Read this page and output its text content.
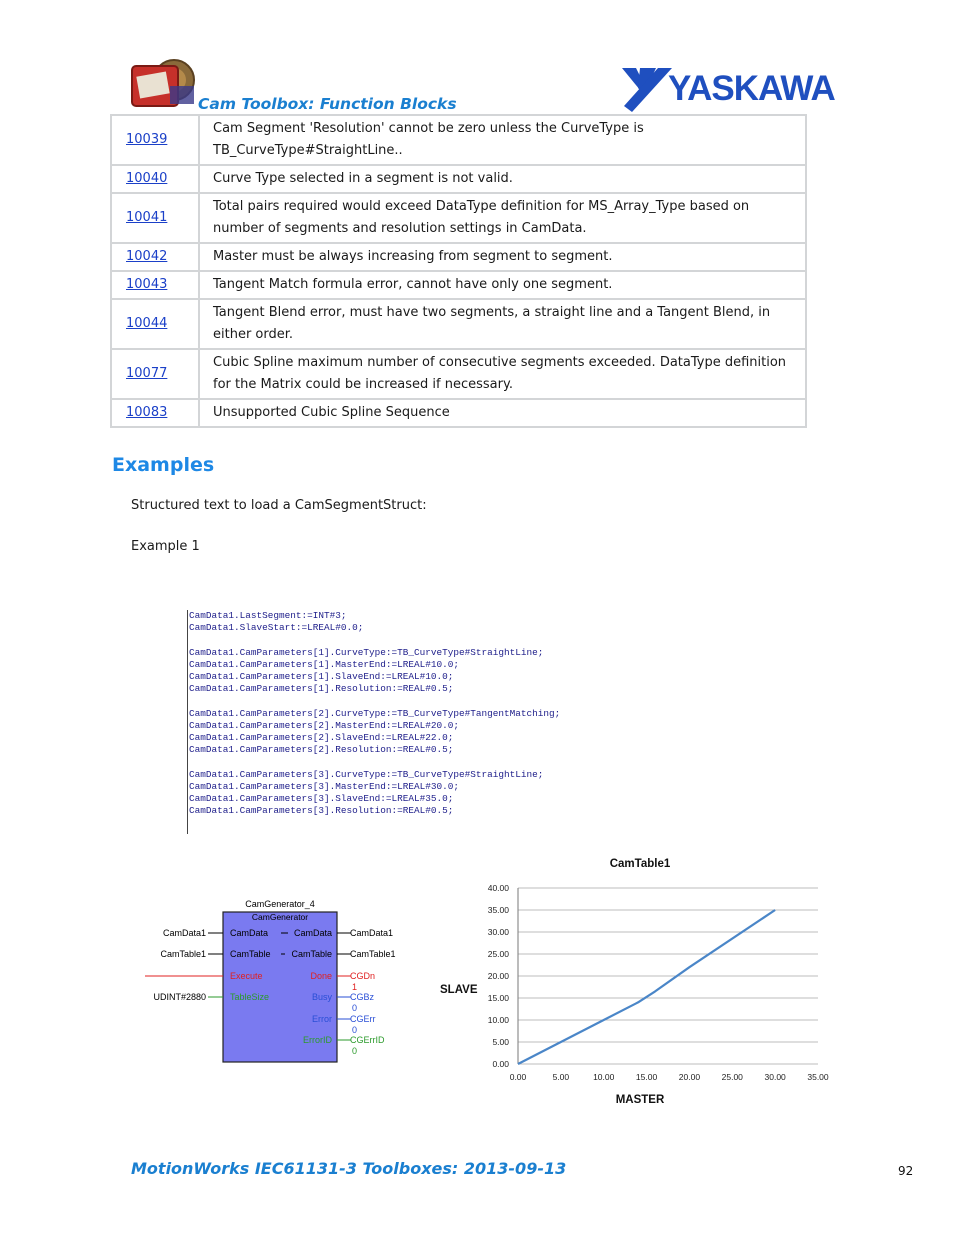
Cam Toolbox: Function Blocks	YASKAWA
10039	Cam Segment 'Resolution' cannot be zero unless the CurveType is TB_CurveType#StraightLine..
10040	Curve Type selected in a segment is not valid.
10041	Total pairs required would exceed DataType definition for MS_Array_Type based on number of segments and resolution settings in CamData.
10042	Master must be always increasing from segment to segment.
10043	Tangent Match formula error, cannot have only one segment.
10044	Tangent Blend error, must have two segments, a straight line and a Tangent Blend, in either order.
10077	Cubic Spline maximum number of consecutive segments exceeded. DataType definition for the Matrix could be increased if necessary.
10083	Unsupported Cubic Spline Sequence
Examples
Structured text to load a CamSegmentStruct:
Example 1
CamData1.LastSegment:=INT#3;
CamData1.SlaveStart:=LREAL#0.0;
CamData1.CamParameters[1].CurveType:=TB_CurveType#StraightLine;
CamData1.CamParameters[1].MasterEnd:=LREAL#10.0;
CamData1.CamParameters[1].SlaveEnd:=LREAL#10.0;
CamData1.CamParameters[1].Resolution:=REAL#0.5;
CamData1.CamParameters[2].CurveType:=TB_CurveType#TangentMatching;
CamData1.CamParameters[2].MasterEnd:=LREAL#20.0;
CamData1.CamParameters[2].SlaveEnd:=LREAL#22.0;
CamData1.CamParameters[2].Resolution:=REAL#0.5;
CamData1.CamParameters[3].CurveType:=TB_CurveType#StraightLine;
CamData1.CamParameters[3].MasterEnd:=LREAL#30.0;
CamData1.CamParameters[3].SlaveEnd:=LREAL#35.0;
CamData1.CamParameters[3].Resolution:=REAL#0.5;
CamGenerator_4
CamGenerator
CamData1	CamData
CamTable1	CamTable
Execute
UDINT#2880	TableSize
CamData CamData1
CamTable CamTable1
Done CGDn
1
Busy CGBz
0
Error CGErr
0
ErrorID CGErrID
0
CamTable1
0.00
5.00
10.00
15.00
20.00
25.00
30.00
35.00
40.00
0.00	5.00	10.00	15.00	20.00	25.00	30.00	35.00
SLAVE
MASTER
MotionWorks IEC61131-3 Toolboxes: 2013-09-13	92
